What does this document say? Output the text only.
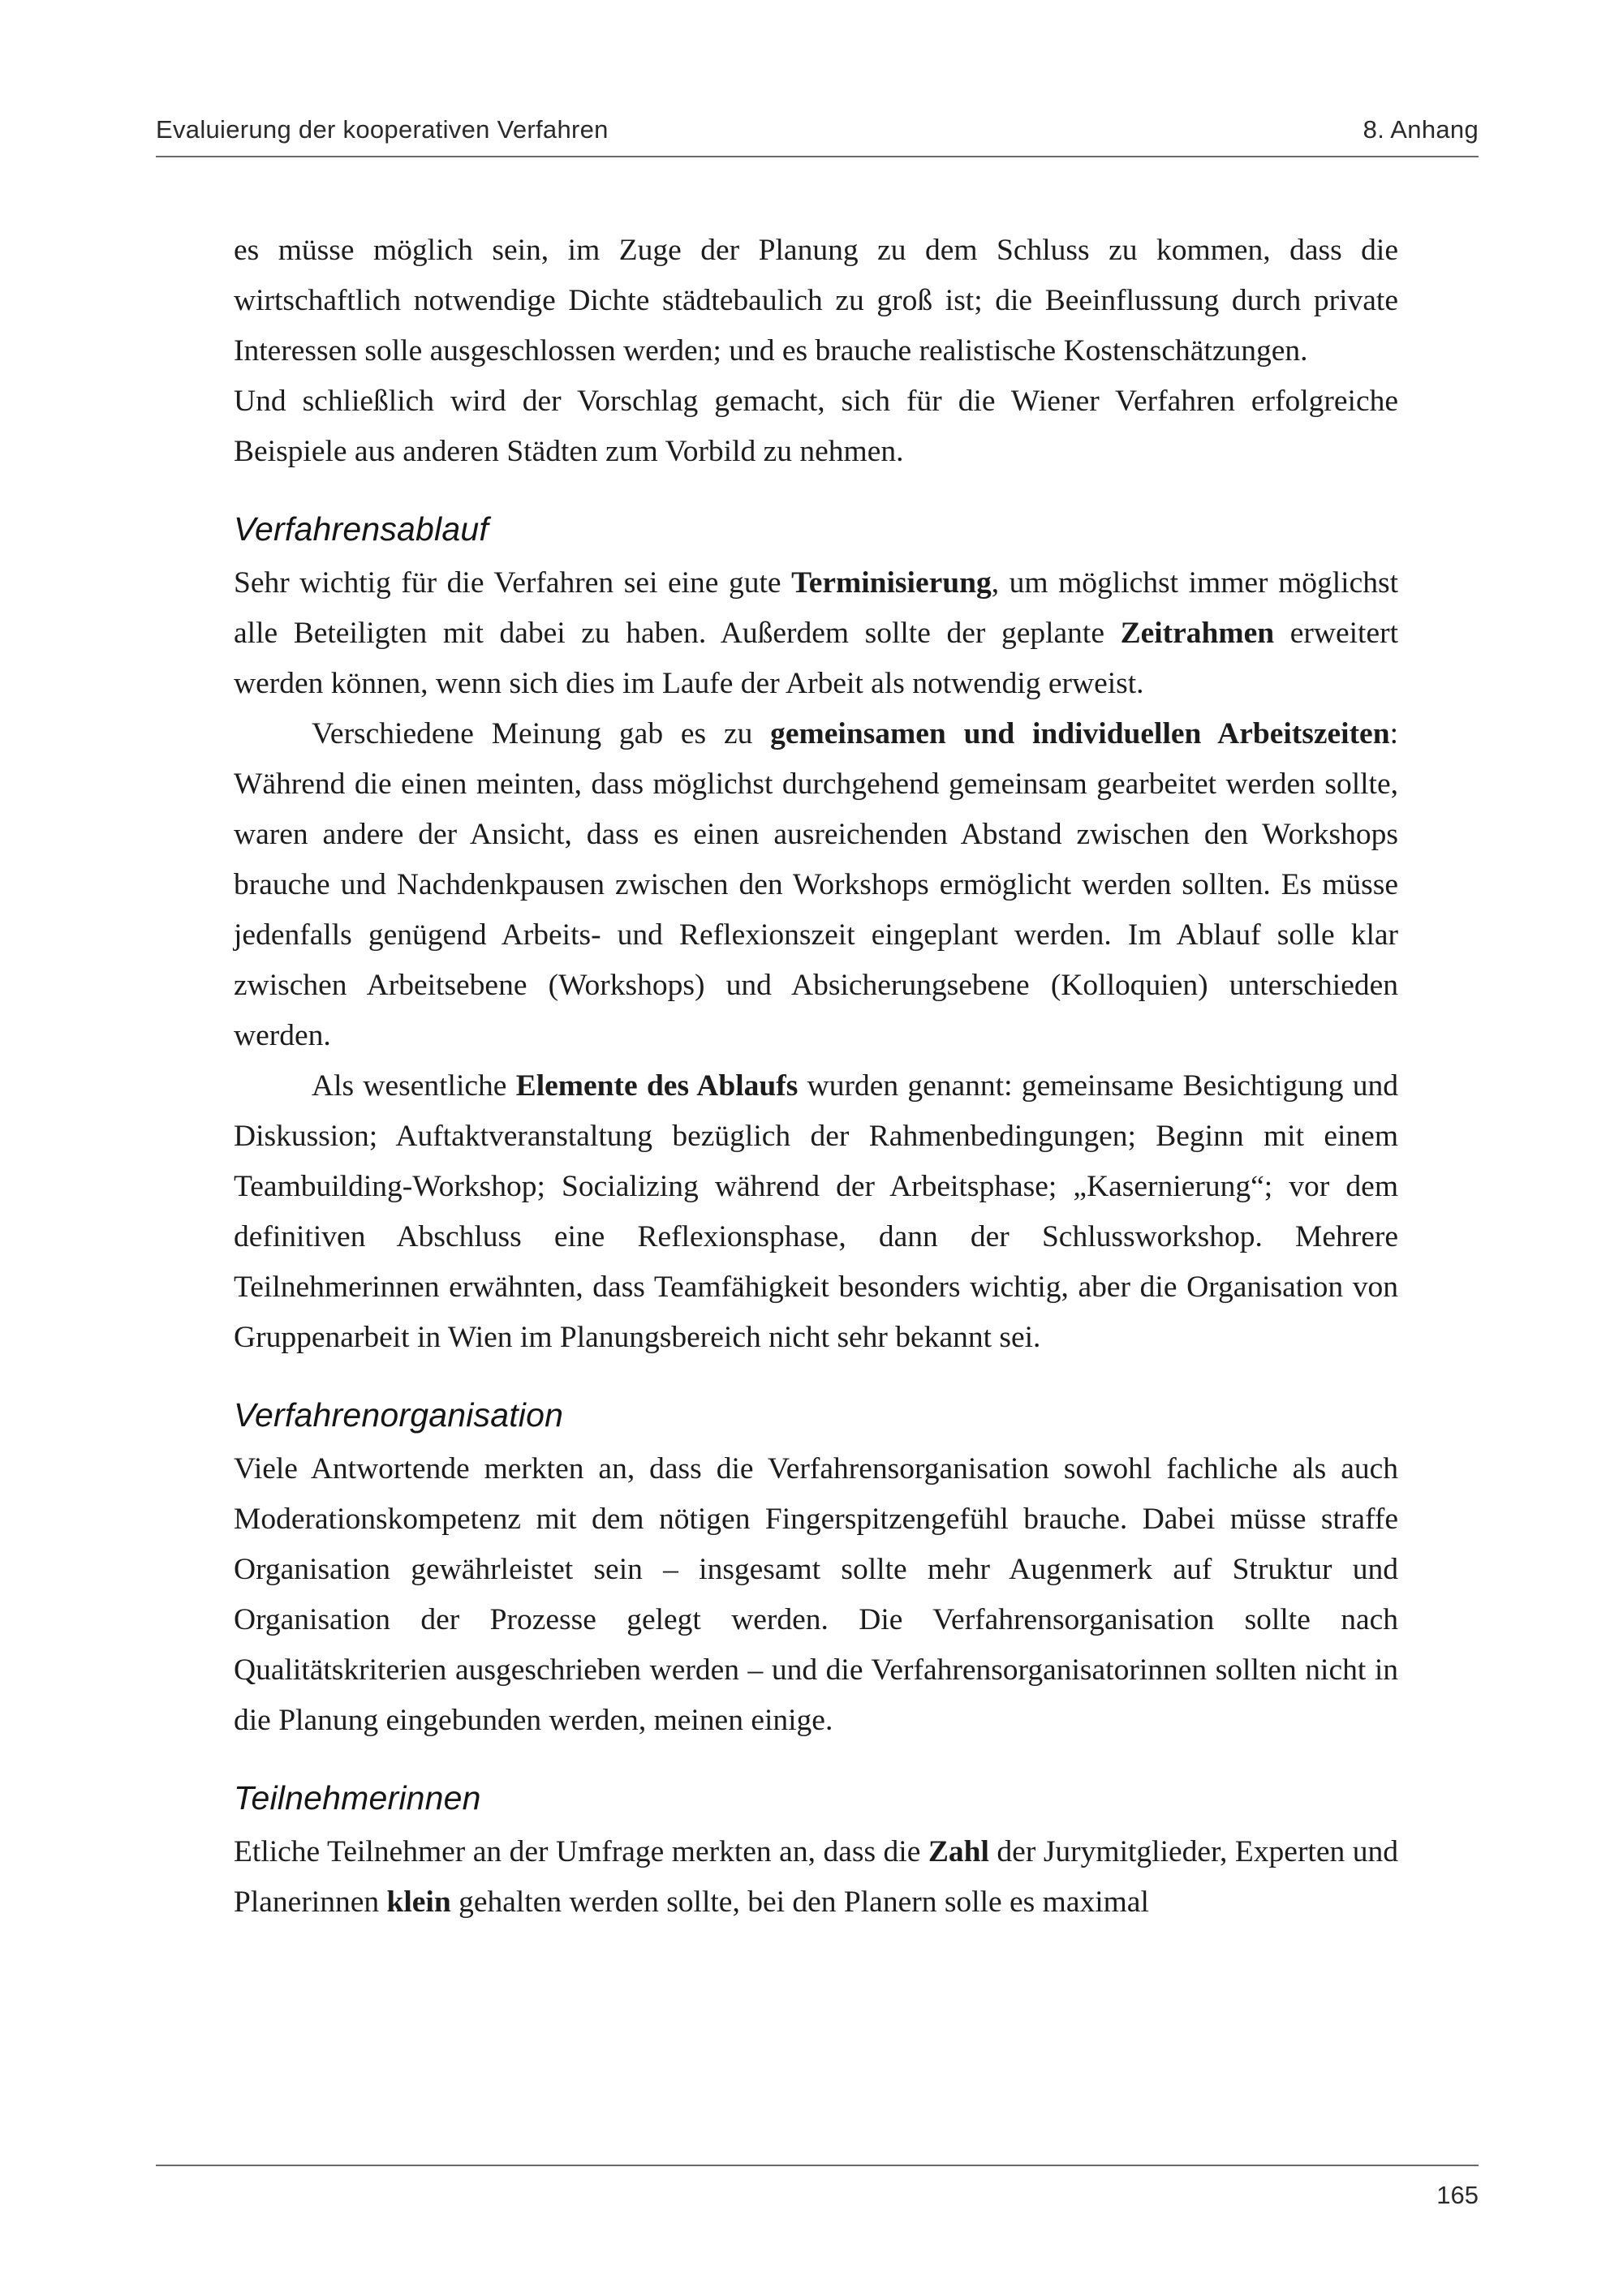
Evaluierung der kooperativen Verfahren	8. Anhang

es müsse möglich sein, im Zuge der Planung zu dem Schluss zu kommen, dass die wirtschaftlich notwendige Dichte städtebaulich zu groß ist; die Beeinflussung durch private Interessen solle ausgeschlossen werden; und es brauche realistische Kostenschätzungen.

Und schließlich wird der Vorschlag gemacht, sich für die Wiener Verfahren erfolgreiche Beispiele aus anderen Städten zum Vorbild zu nehmen.

Verfahrensablauf

Sehr wichtig für die Verfahren sei eine gute Terminisierung, um möglichst immer möglichst alle Beteiligten mit dabei zu haben. Außerdem sollte der geplante Zeitrahmen erweitert werden können, wenn sich dies im Laufe der Arbeit als notwendig erweist.

Verschiedene Meinung gab es zu gemeinsamen und individuellen Arbeitszeiten: Während die einen meinten, dass möglichst durchgehend gemeinsam gearbeitet werden sollte, waren andere der Ansicht, dass es einen ausreichenden Abstand zwischen den Workshops brauche und Nachdenkpausen zwischen den Workshops ermöglicht werden sollten. Es müsse jedenfalls genügend Arbeits- und Reflexionszeit eingeplant werden. Im Ablauf solle klar zwischen Arbeitsebene (Workshops) und Absicherungsebene (Kolloquien) unterschieden werden.

Als wesentliche Elemente des Ablaufs wurden genannt: gemeinsame Besichtigung und Diskussion; Auftaktveranstaltung bezüglich der Rahmenbedingungen; Beginn mit einem Teambuilding-Workshop; Socializing während der Arbeitsphase; „Kasernierung“; vor dem definitiven Abschluss eine Reflexionsphase, dann der Schlussworkshop. Mehrere Teilnehmerinnen erwähnten, dass Teamfähigkeit besonders wichtig, aber die Organisation von Gruppenarbeit in Wien im Planungsbereich nicht sehr bekannt sei.

Verfahrenorganisation

Viele Antwortende merkten an, dass die Verfahrensorganisation sowohl fachliche als auch Moderationskompetenz mit dem nötigen Fingerspitzengefühl brauche. Dabei müsse straffe Organisation gewährleistet sein – insgesamt sollte mehr Augenmerk auf Struktur und Organisation der Prozesse gelegt werden. Die Verfahrensorganisation sollte nach Qualitätskriterien ausgeschrieben werden – und die Verfahrensorganisatorinnen sollten nicht in die Planung eingebunden werden, meinen einige.

Teilnehmerinnen

Etliche Teilnehmer an der Umfrage merkten an, dass die Zahl der Jurymitglieder, Experten und Planerinnen klein gehalten werden sollte, bei den Planern solle es maximal

165
